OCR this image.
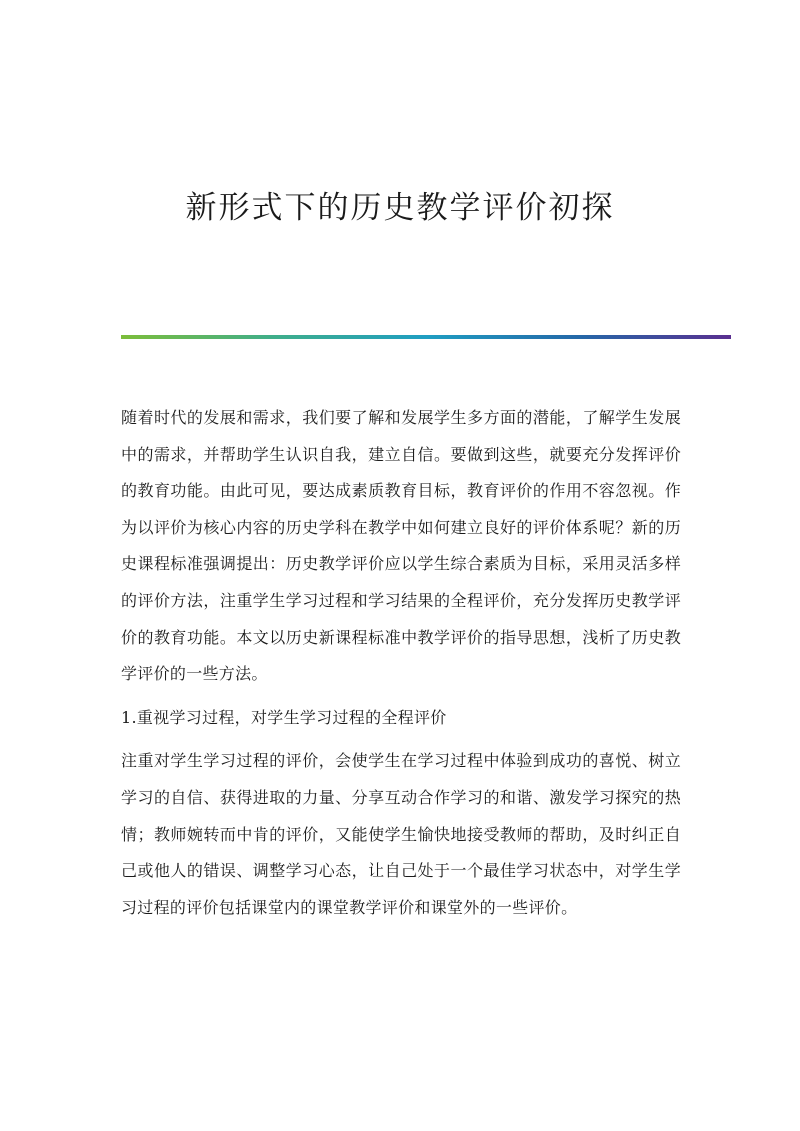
新形式下的历史教学评价初探

随着时代的发展和需求，我们要了解和发展学生多方面的潜能，了解学生发展中的需求，并帮助学生认识自我，建立自信。要做到这些，就要充分发挥评价的教育功能。由此可见，要达成素质教育目标，教育评价的作用不容忽视。作为以评价为核心内容的历史学科在教学中如何建立良好的评价体系呢？新的历史课程标准强调提出：历史教学评价应以学生综合素质为目标，采用灵活多样的评价方法，注重学生学习过程和学习结果的全程评价，充分发挥历史教学评价的教育功能。本文以历史新课程标准中教学评价的指导思想，浅析了历史教学评价的一些方法。

1.重视学习过程，对学生学习过程的全程评价

注重对学生学习过程的评价，会使学生在学习过程中体验到成功的喜悦、树立学习的自信、获得进取的力量、分享互动合作学习的和谐、激发学习探究的热情；教师婉转而中肯的评价，又能使学生愉快地接受教师的帮助，及时纠正自己或他人的错误、调整学习心态，让自己处于一个最佳学习状态中，对学生学习过程的评价包括课堂内的课堂教学评价和课堂外的一些评价。
